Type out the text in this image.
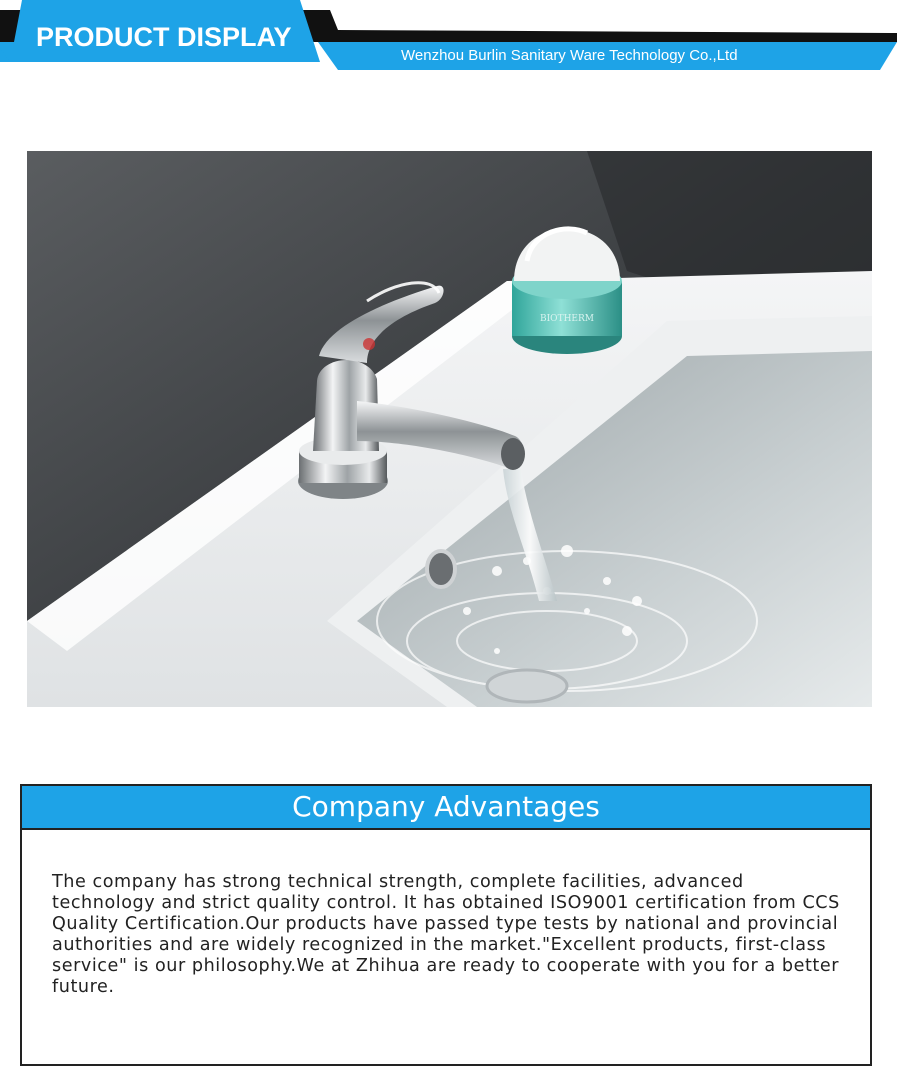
PRODUCT DISPLAY
Wenzhou Burlin Sanitary Ware Technology Co.,Ltd
BIOTHERM
Company Advantages
The company has strong technical strength, complete facilities, advanced technology and strict quality control. It has obtained ISO9001 certification from CCS Quality Certification.Our products have passed type tests by national and provincial authorities and are widely recognized in the market."Excellent products, first-class service" is our philosophy.We at Zhihua are ready to cooperate with you for a better future.
